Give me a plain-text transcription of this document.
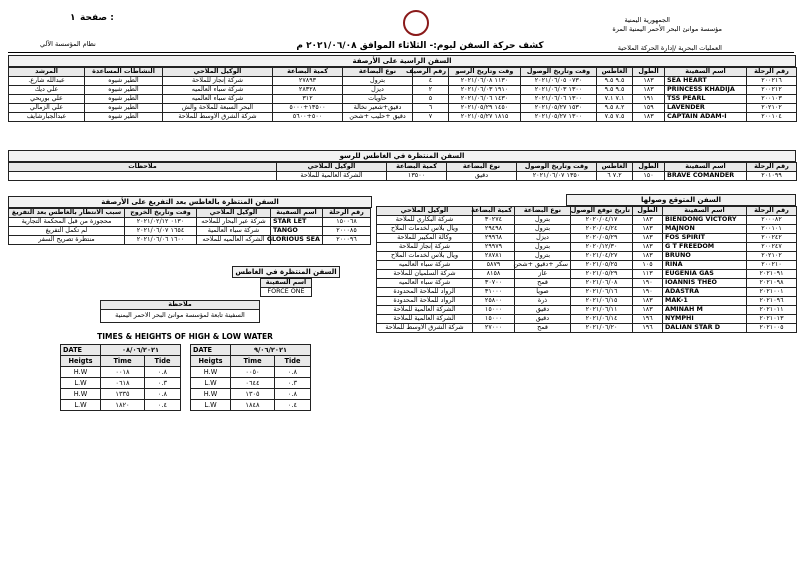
الجمهورية اليمنية
مؤسسة موانئ البحر الأحمر اليمنية المرة
صفحة :
١
العمليات البحرية /إدارة الحركة الملاحية
نظام المؤسسة الآلي	كشف حركة السفن ليوم:- الثلاثاء الموافق ٢٠٢١/٠٦/٠٨ م
السفن الراسية على الأرصفة
رقم الرحلة	اسم السفينة	الطول	الغاطس	وقت وتاريخ الوصول	وقت وتاريخ الرسو	رقم الرصيف	نوع البضاعة	كمية البضاعة	الوكيل الملاحي	النشاطات المساعدة	المرشد
٢٠٠٢١٦	SEA HEART	١٨٣	٩.٥ ٩.٥	٠٧٣٠ ٢٠٢١/٠٦/٠٥	١١٣٠ ٢٠٢١/٠٦/٠٨	٤	بترول	٢٧٨٩٣	شركة إنجاز للملاحة	الطير شيوه	عبدالله شارع.
٢٠٠٢١٢	PRINCESS KHADIJA	١٨٣	٩.٥ ٩.٥	١٣٠٠ ٢٠٢١/٠٦/٠٣	١٩١٠ ٢٠٢١/٠٦/٠٣	٢	ديزل	٢٨٣٢٨	شركة سباء العالميه	الطير شيوه	علي ديك
٢٠٠١٠٣	TSS PEARL	١٩١	٧.١ ٧.١	١٣٠٠ ٢٠٢١/٠٦/٠٦	١٤٣٠ ٢٠٢١/٠٦/٠٦	٥	حاويات	٣١٢	شركة سباء العالميه	الطير شيوه	علي بوريحي
٢٠٢١٠٢	LAVENDER	١٥٩	٨.٢ ٩.٥	١٥٣٠ ٢٠٢١/٠٥/٢٧	١٤٥٠ ٢٠٢١/٠٥/٢٩	٦	دقيق+شعير نخالة	١٣٥٠٠+٥٠٠٠	البحر السبعة للملاحة والش	الطير شيوه	علي الزمالي
٢٠٠١٠٤	CAPTAIN ADAM-I	١٨٣	٧.٥ ٧.٥	١٣٠٠ ٢٠٢١/٠٥/٢٧	١٨١٥ ٢٠٢١/٠٥/٢٧	٧	دقيق +حليب +شحن	٥٠٠+٥٦٠٠	شركة الشرق الاوسط للملاحة	الطير شيوه	عبدالجبارشايف
السفن المنتظرة في الغاطس للرسو
رقم الرحلة	اسم السفينة	الطول	الغاطس	وقت وتاريخ الوصول	نوع البضاعة	كمية البضاعة	الوكيل الملاحي	ملاحظات
٢٠١٠٩٩	BRAVE COMANDER	١٥٠	٧.٢ ٦	١٣٥٠ ٢٠٢١/٠٦/٠٧	دقيق	١٣٥٠٠	الشركة العالمية للملاحة	
السفن المتوقع وصولها
رقم الرحلة	اسم السفينة	الطول	تاريخ توقع الوصول	نوع البضاعة	كمية البضاعة	الوكيل الملاحي
٢٠٠٠٨٢	BIENDONG VICTORY	١٨٣	٢٠٢٠/٠٤/١٧	بترول	٣٠٢٧٤	شركة البكاري للملاحة
٢٠٠١٠١	MAJNON	١٨٣	٢٠٢٠/٠٤/٢٤	بترول	٢٩٤٩٨	ويال بلاس لخدمات الملاح
٢٠٠٢٤٢	FOS SPIRIT	١٨٣	٢٠٢٠/٠٥/٢٩	ديزل	٢٩٩٦٨	وكالة المكيبر للملاحة
٢٠٠٢٤٧	G T FREEDOM	١٨٣	٢٠٢٠/١٢/٣٠	بترول	٢٩٩٧٩	شركة إنجاز للملاحة
٢٠٢١٠٢	BRUNO	١٨٣	٢٠٢١/٠٤/٢٧	بترول	٢٨٧٨١	ويال بلاس لخدمات الملاح
٢٠٠٢١٠	RINA	١٠٥	٢٠٢١/٠٥/٢٥	سكر +دقيق +شحن	٥٨٧٩	شركة سباء العالميه
٢٠٢١٠٩١	EUGENIA GAS	١١٣	٢٠٢١/٠٥/٢٩	غاز	٨١٥٨	شركة السلميان للملاحة
٢٠٢١٠٩٨	IOANNIS THEO	١٩٠	٢٠٢١/٠٦/٠٨	قمح	٣٠٧٠٠	شركة سباء العالميه
٢٠٢١٠٠١	ADASTRA	١٩٠	٢٠٢١/٠٦/١٦	صويا	٣١٠٠٠	الرواد للملاحة المحدودة
٢٠٢١٠٩٦	MAK-1	١٨٣	٢٠٢١/٠٦/١٥	ذرة	٢٥٨٠٠	الرواد للملاحة المحدودة
٢٠٢١٠١١	AMINAH M	١٨٣	٢٠٢١/٠٦/١١	دقيق	١٥٠٠٠	الشركة العالمية للملاحة
٢٠٢١٠١٣	NYMPHI	١٩٦	٢٠٢١/٠٦/١٤	دقيق	١٥٠٠٠	الشركة العالمية للملاحة
٢٠٢١٠٠٥	DALIAN STAR D	١٩٦	٢٠٢١/٠٦/٢٠	قمح	٢٧٠٠٠	شركة الشرق الاوسط للملاحة
السفن المنتظرة بالغاطس بعد التفريغ على الأرصفة
رقم الرحلة	اسم السفينة	الوكيل الملاحي	وقت وتاريخ الخروج	سبب الانتظار بالغاطس بعد التفريغ
١٥٠٠٦٨	STAR LET	شركة عبر البحار للملاحه	٠١٣٠ ٢٠٢١/٠٢/١٢	محجوزة من قبل المحكمة التجارية
٢٠٠٠٨٥	TANGO	شركة سباء العالمية	١٦٥٤ ٢٠٢١/٠٦/٠٧	لم تكمل التفريغ
٢٠٠٠٩٦	GLORIOUS SEA	الشركه العالميه للملاحه	١٦٠٠ ٢٠٢١/٠٦/٠٦	منتظرة تصريح السفر
السفن المنتظرة في الغاطس
اسم السفينة
FORCE ONE
ملاحظة
السفينة تابعة لمؤسسة موانئ البحر الاحمر اليمنية
TIMES & HEIGHTS OF HIGH & LOW WATER
DATE	٠٨/٠٦/٢٠٢١	
Heigts	Time	Tide
H.W	٠٠١٨	٠.٨
L.W	٠٦١٨	٠.٣
H.W	١٣٣٥	٠.٨
L.W	١٨٢٠	٠.٤
DATE	٩/٠٦/٢٠٢١	
Heigts	Time	Tide
H.W	٠٠٥٠	٠.٨
L.W	٠٦٤٤	٠.٣
H.W	١٣٠٥	٠.٨
L.W	١٨٤٨	٠.٤
